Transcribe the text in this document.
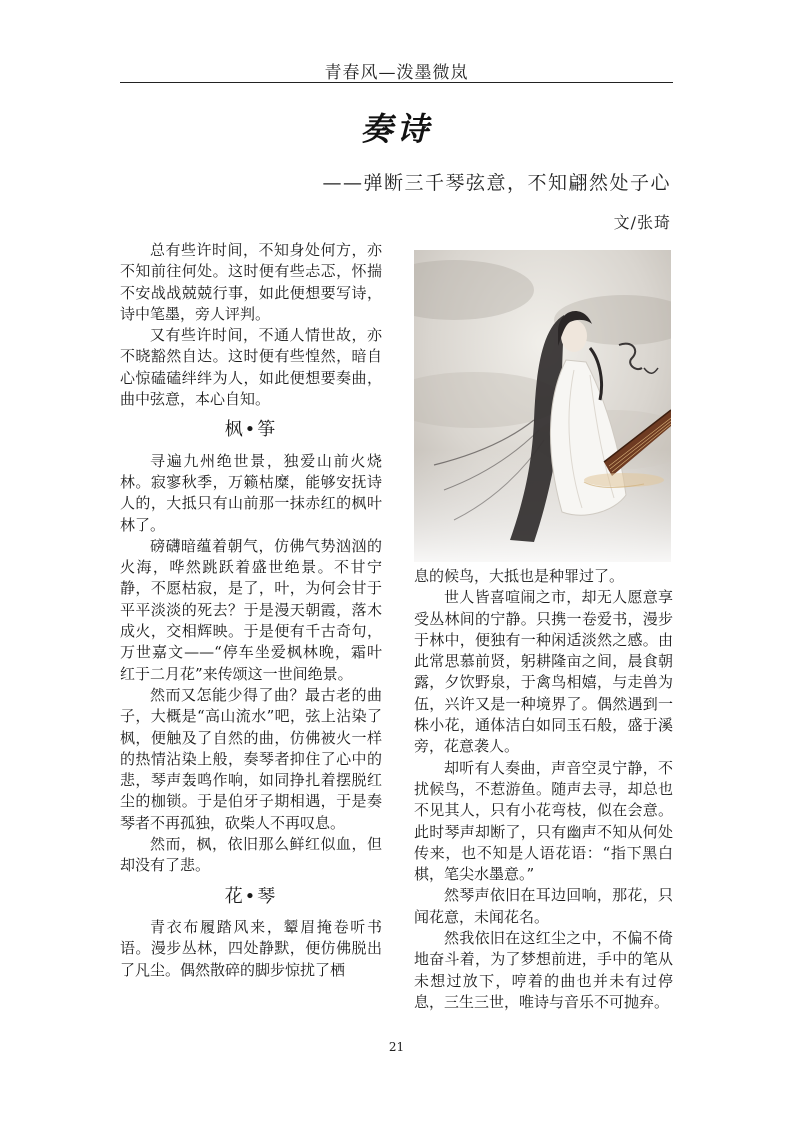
青春风—泼墨微岚
奏诗
——弹断三千琴弦意，不知翩然处子心
文/张琦

总有些许时间，不知身处何方，亦不知前往何处。这时便有些忐忑，怀揣不安战战兢兢行事，如此便想要写诗，诗中笔墨，旁人评判。

又有些许时间，不通人情世故，亦不晓豁然自达。这时便有些惶然，暗自心惊磕磕绊绊为人，如此便想要奏曲，曲中弦意，本心自知。

枫•筝

寻遍九州绝世景，独爱山前火烧林。寂寥秋季，万籁枯糜，能够安抚诗人的，大抵只有山前那一抹赤红的枫叶林了。

磅礴暗蕴着朝气，仿佛气势汹汹的火海，哗然跳跃着盛世绝景。不甘宁静，不愿枯寂，是了，叶，为何会甘于平平淡淡的死去？于是漫天朝霞，落木成火，交相辉映。于是便有千古奇句，万世嘉文——“停车坐爱枫林晚，霜叶红于二月花”来传颂这一世间绝景。

然而又怎能少得了曲？最古老的曲子，大概是“高山流水”吧，弦上沾染了枫，便触及了自然的曲，仿佛被火一样的热情沾染上般，奏琴者抑住了心中的悲，琴声轰鸣作响，如同挣扎着摆脱红尘的枷锁。于是伯牙子期相遇，于是奏琴者不再孤独，砍柴人不再叹息。

然而，枫，依旧那么鲜红似血，但却没有了悲。

花•琴

青衣布履踏风来，颦眉掩卷听书语。漫步丛林，四处静默，便仿佛脱出了凡尘。偶然散碎的脚步惊扰了栖

息的候鸟，大抵也是种罪过了。

世人皆喜喧闹之市，却无人愿意享受丛林间的宁静。只携一卷爱书，漫步于林中，便独有一种闲适淡然之感。由此常思慕前贤，躬耕隆亩之间，晨食朝露，夕饮野泉，于禽鸟相嬉，与走兽为伍，兴许又是一种境界了。偶然遇到一株小花，通体洁白如同玉石般，盛于溪旁，花意袭人。

却听有人奏曲，声音空灵宁静，不扰候鸟，不惹游鱼。随声去寻，却总也不见其人，只有小花弯枝，似在会意。此时琴声却断了，只有幽声不知从何处传来，也不知是人语花语：“指下黑白棋，笔尖水墨意。”

然琴声依旧在耳边回响，那花，只闻花意，未闻花名。

然我依旧在这红尘之中，不偏不倚地奋斗着，为了梦想前进，手中的笔从未想过放下，哼着的曲也并未有过停息，三生三世，唯诗与音乐不可抛弃。

21
